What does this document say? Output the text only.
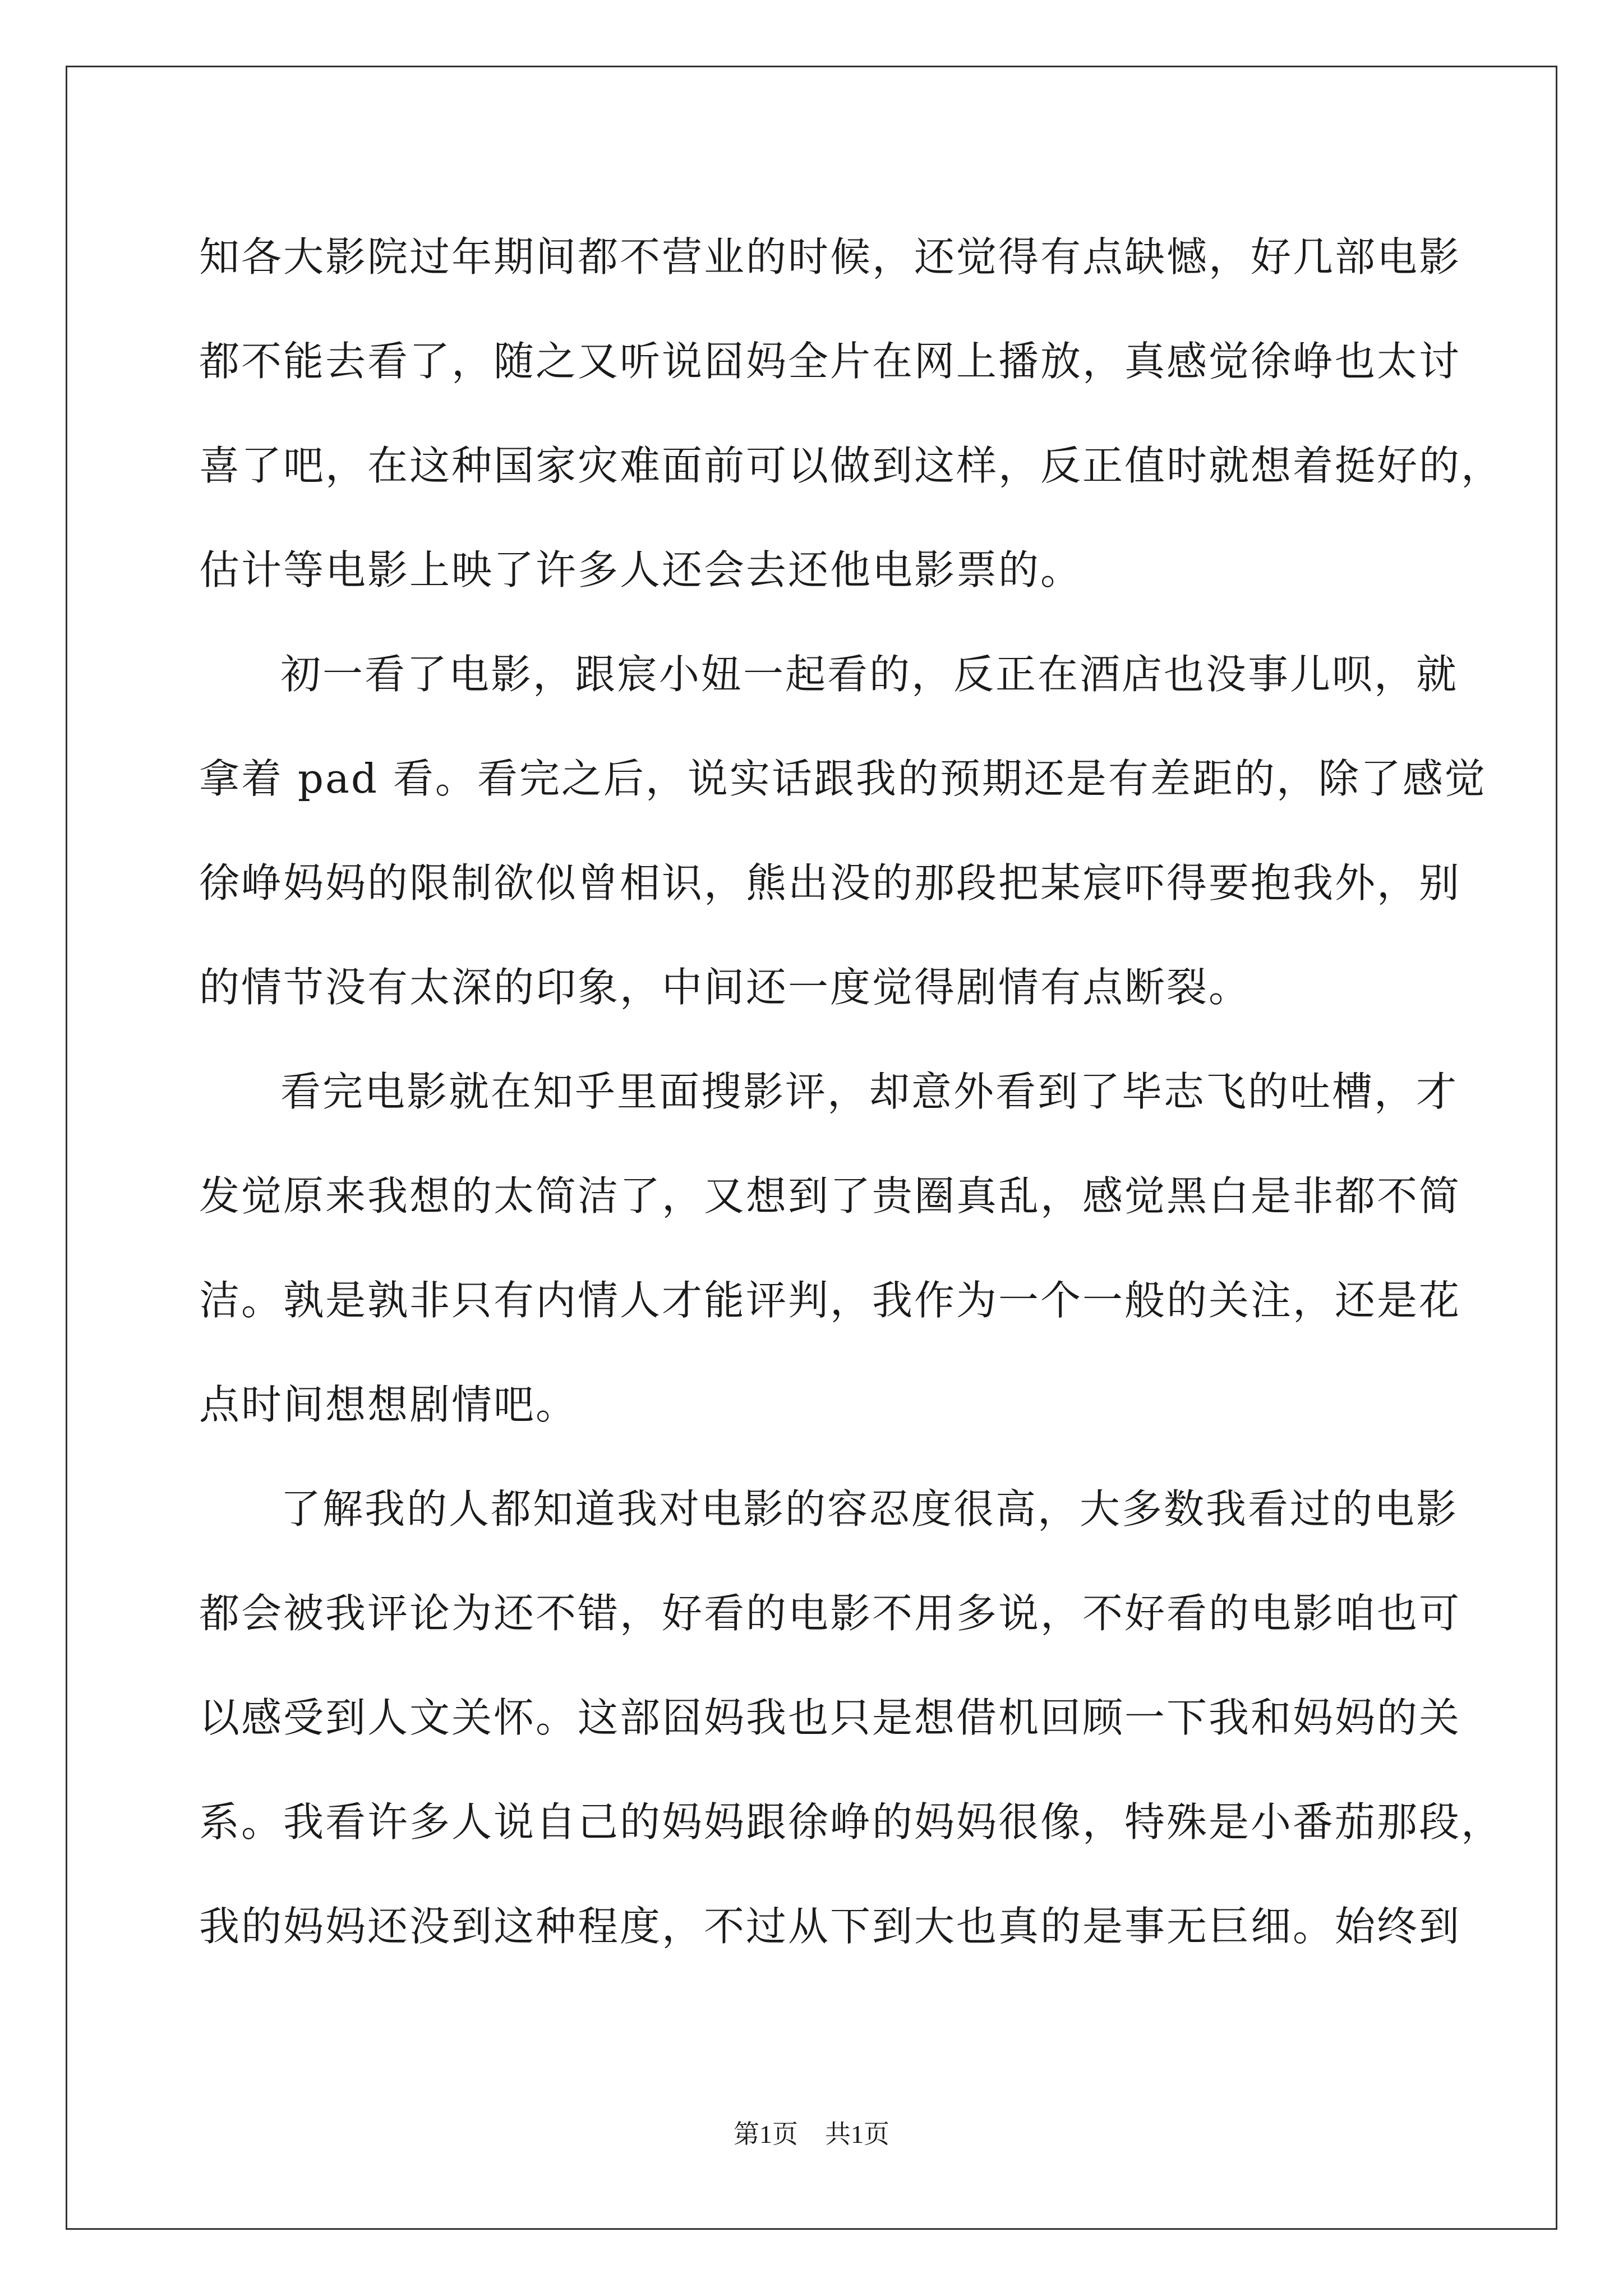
知各大影院过年期间都不营业的时候，还觉得有点缺憾，好几部电影
都不能去看了，随之又听说囧妈全片在网上播放，真感觉徐峥也太讨
喜了吧，在这种国家灾难面前可以做到这样，反正值时就想着挺好的，
估计等电影上映了许多人还会去还他电影票的。

初一看了电影，跟宸小妞一起看的，反正在酒店也没事儿呗，就
拿着 pad 看。看完之后，说实话跟我的预期还是有差距的，除了感觉
徐峥妈妈的限制欲似曾相识，熊出没的那段把某宸吓得要抱我外，别
的情节没有太深的印象，中间还一度觉得剧情有点断裂。

看完电影就在知乎里面搜影评，却意外看到了毕志飞的吐槽，才
发觉原来我想的太简洁了，又想到了贵圈真乱，感觉黑白是非都不简
洁。孰是孰非只有内情人才能评判，我作为一个一般的关注，还是花
点时间想想剧情吧。

了解我的人都知道我对电影的容忍度很高，大多数我看过的电影
都会被我评论为还不错，好看的电影不用多说，不好看的电影咱也可
以感受到人文关怀。这部囧妈我也只是想借机回顾一下我和妈妈的关
系。我看许多人说自己的妈妈跟徐峥的妈妈很像，特殊是小番茄那段，
我的妈妈还没到这种程度，不过从下到大也真的是事无巨细。始终到

第1页 共1页
